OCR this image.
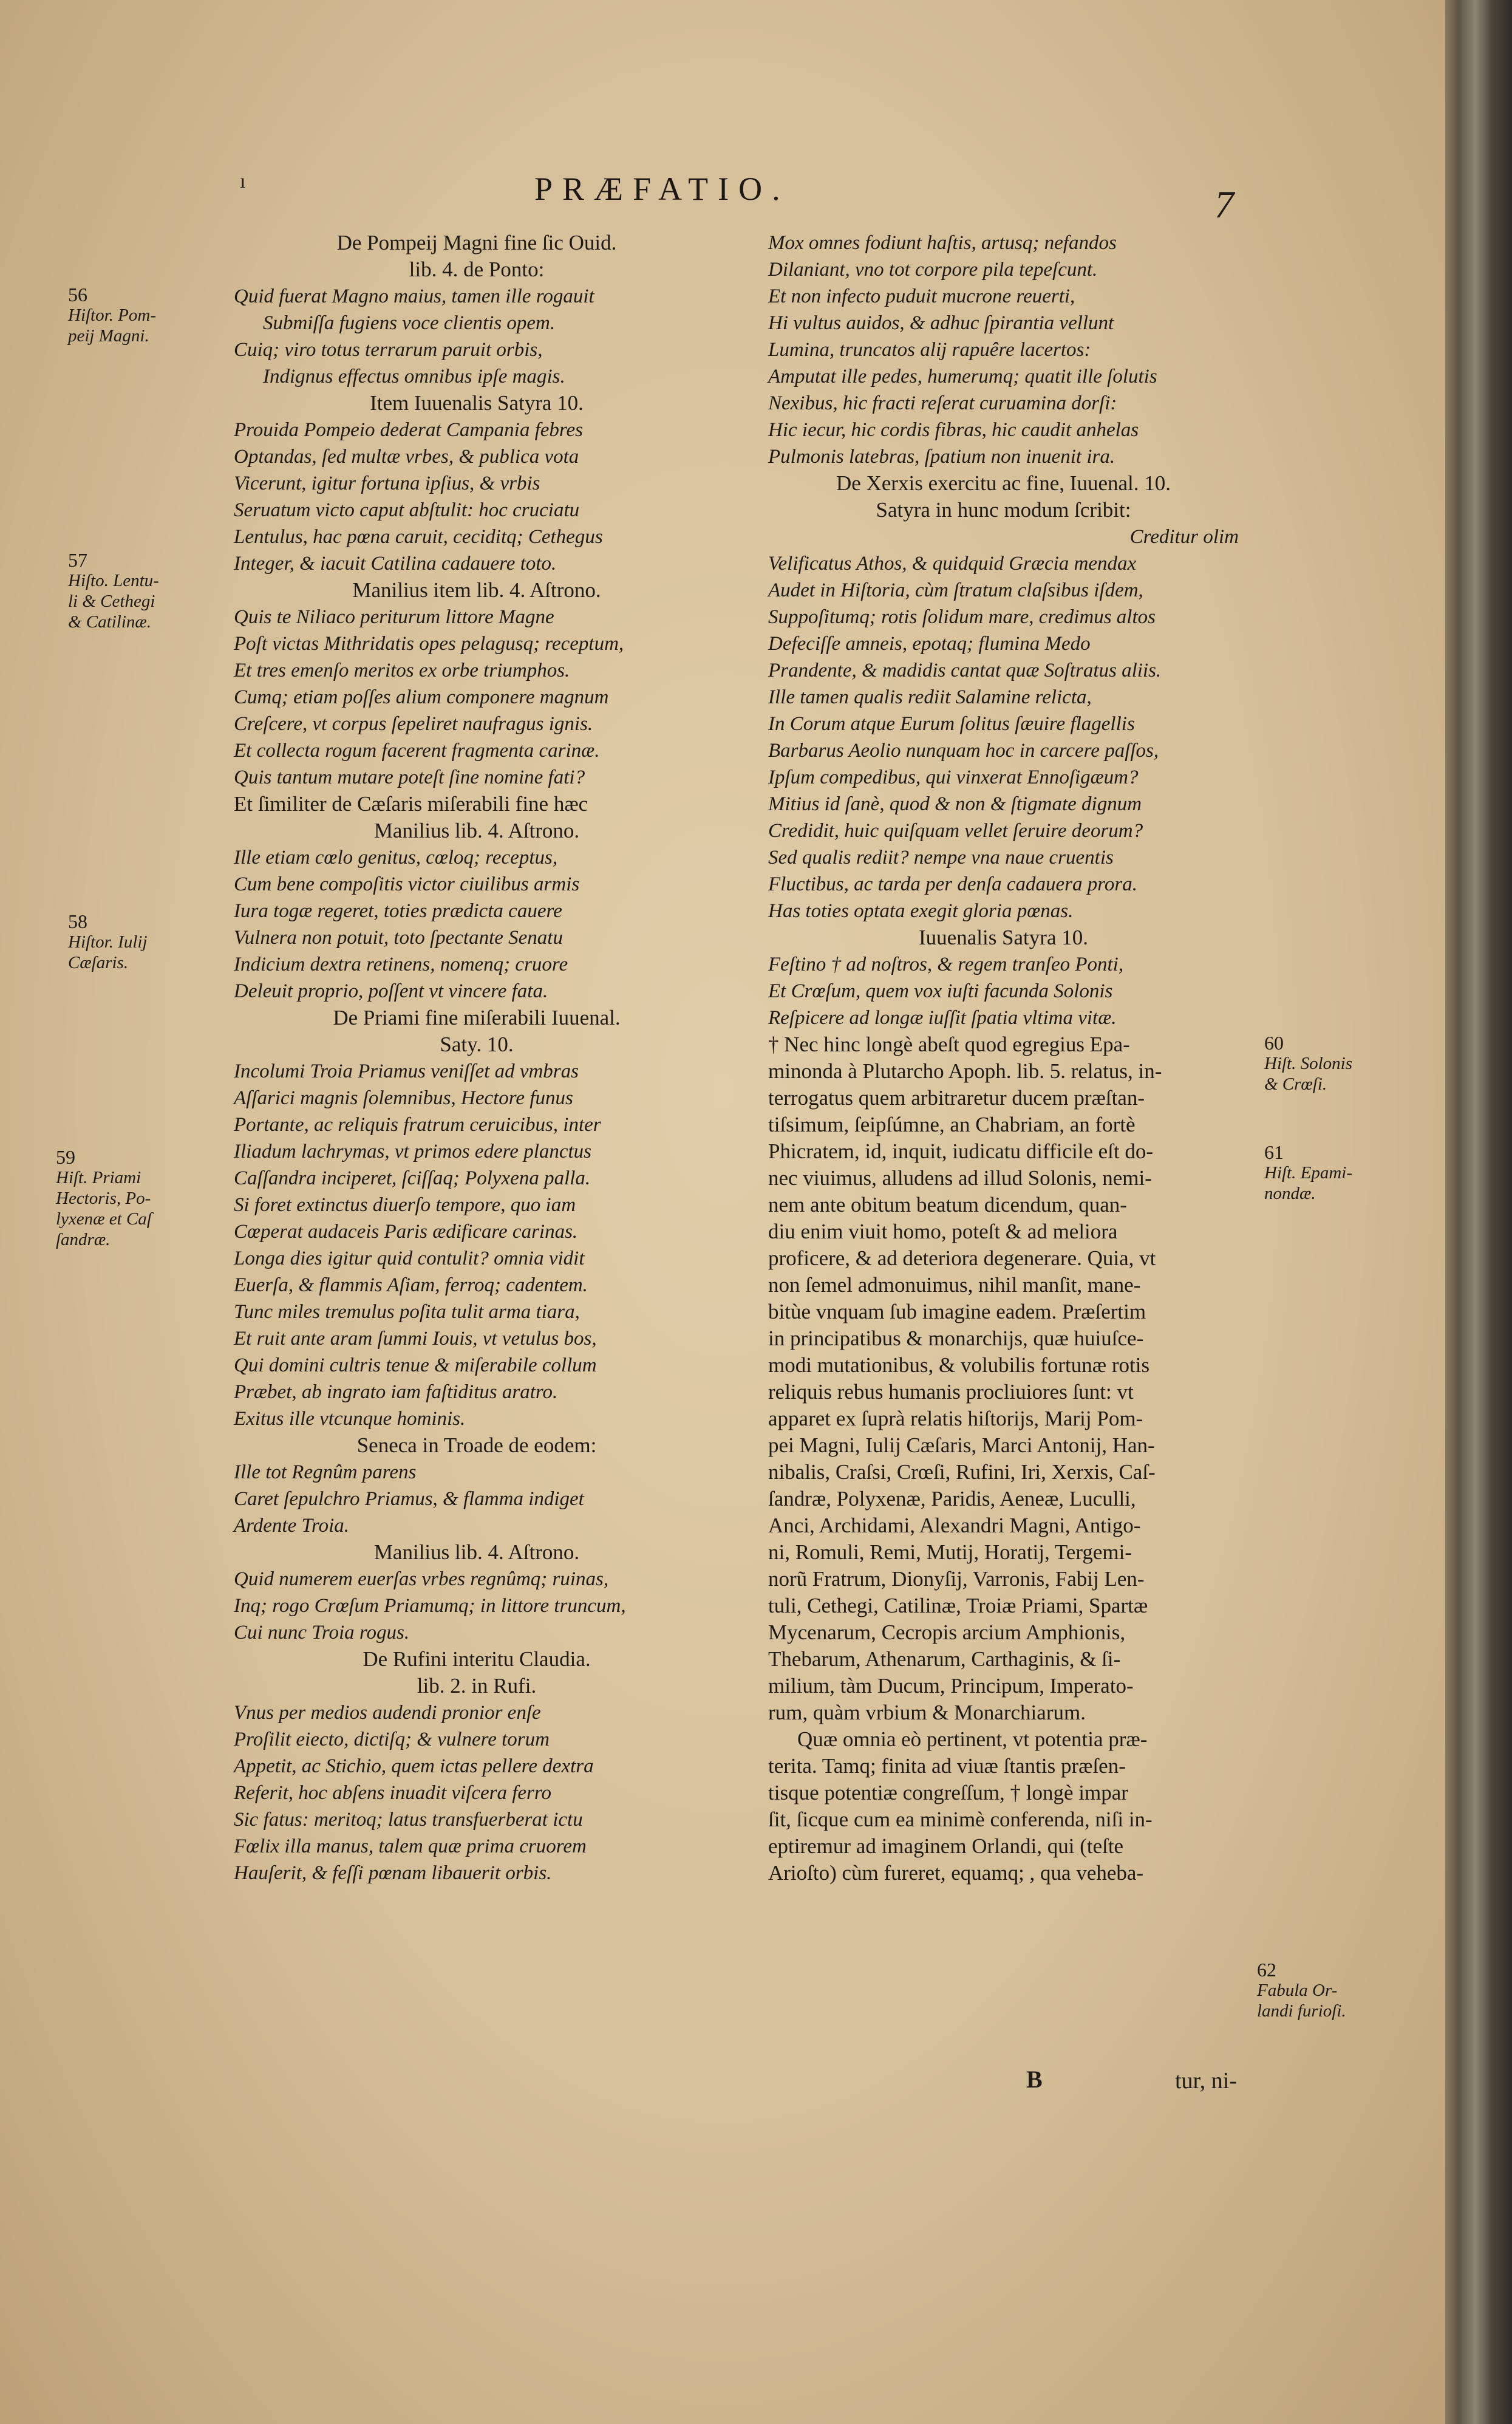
ı	PRÆFATIO.	7
De Pompeij Magni fine ſic Ouid.
lib. 4. de Ponto:
Quid fuerat Magno maius, tamen ille rogauit
Submiſſa fugiens voce clientis opem.
Cuiq; viro totus terrarum paruit orbis,
Indignus effectus omnibus ipſe magis.
Item Iuuenalis Satyra 10.
Prouida Pompeio dederat Campania febres
Optandas, ſed multæ vrbes, & publica vota
Vicerunt, igitur fortuna ipſius, & vrbis
Seruatum victo caput abſtulit: hoc cruciatu
Lentulus, hac pœna caruit, ceciditq; Cethegus
Integer, & iacuit Catilina cadauere toto.
Manilius item lib. 4. Aſtrono.
Quis te Niliaco periturum littore Magne
Poſt victas Mithridatis opes pelagusq; receptum,
Et tres emenſo meritos ex orbe triumphos.
Cumq; etiam poſſes alium componere magnum
Creſcere, vt corpus ſepeliret naufragus ignis.
Et collecta rogum facerent fragmenta carinæ.
Quis tantum mutare poteſt ſine nomine fati?
Et ſimiliter de Cæſaris miſerabili fine hæc
Manilius lib. 4. Aſtrono.
Ille etiam cœlo genitus, cœloq; receptus,
Cum bene compoſitis victor ciuilibus armis
Iura togæ regeret, toties prædicta cauere
Vulnera non potuit, toto ſpectante Senatu
Indicium dextra retinens, nomenq; cruore
Deleuit proprio, poſſent vt vincere fata.
De Priami fine miſerabili Iuuenal.
Saty. 10.
Incolumi Troia Priamus veniſſet ad vmbras
Aſſarici magnis ſolemnibus, Hectore funus
Portante, ac reliquis fratrum ceruicibus, inter
Iliadum lachrymas, vt primos edere planctus
Caſſandra inciperet, ſciſſaq; Polyxena palla.
Si foret extinctus diuerſo tempore, quo iam
Cœperat audaceis Paris ædificare carinas.
Longa dies igitur quid contulit? omnia vidit
Euerſa, & flammis Aſiam, ferroq; cadentem.
Tunc miles tremulus poſita tulit arma tiara,
Et ruit ante aram ſummi Iouis, vt vetulus bos,
Qui domini cultris tenue & miſerabile collum
Præbet, ab ingrato iam faſtiditus aratro.
Exitus ille vtcunque hominis.
Seneca in Troade de eodem:
Ille tot Regnûm parens
Caret ſepulchro Priamus, & flamma indiget
Ardente Troia.
Manilius lib. 4. Aſtrono.
Quid numerem euerſas vrbes regnûmq; ruinas,
Inq; rogo Crœſum Priamumq; in littore truncum,
Cui nunc Troia rogus.
De Rufini interitu Claudia.
lib. 2. in Rufi.
Vnus per medios audendi pronior enſe
Proſilit eiecto, dictiſq; & vulnere torum
Appetit, ac Stichio, quem ictas pellere dextra
Referit, hoc abſens inuadit viſcera ferro
Sic fatus: meritoq; latus transfuerberat ictu
Fœlix illa manus, talem quæ prima cruorem
Hauſerit, & feſſi pœnam libauerit orbis.
Mox omnes fodiunt haſtis, artusq; nefandos
Dilaniant, vno tot corpore pila tepeſcunt.
Et non infecto puduit mucrone reuerti,
Hi vultus auidos, & adhuc ſpirantia vellunt
Lumina, truncatos alij rapuêre lacertos:
Amputat ille pedes, humerumq; quatit ille ſolutis
Nexibus, hic fracti reſerat curuamina dorſi:
Hic iecur, hic cordis fibras, hic caudit anhelas
Pulmonis latebras, ſpatium non inuenit ira.
De Xerxis exercitu ac fine, Iuuenal. 10.
Satyra in hunc modum ſcribit:
Creditur olim
Velificatus Athos, & quidquid Græcia mendax
Audet in Hiſtoria, cùm ſtratum claſsibus iſdem,
Suppoſitumq; rotis ſolidum mare, credimus altos
Defeciſſe amneis, epotaq; flumina Medo
Prandente, & madidis cantat quæ Soſtratus aliis.
Ille tamen qualis rediit Salamine relicta,
In Corum atque Eurum ſolitus ſæuire flagellis
Barbarus Aeolio nunquam hoc in carcere paſſos,
Ipſum compedibus, qui vinxerat Ennoſigæum?
Mitius id ſanè, quod & non & ſtigmate dignum
Credidit, huic quiſquam vellet ſeruire deorum?
Sed qualis rediit? nempe vna naue cruentis
Fluctibus, ac tarda per denſa cadauera prora.
Has toties optata exegit gloria pœnas.
Iuuenalis Satyra 10.
Feſtino † ad noſtros, & regem tranſeo Ponti,
Et Crœſum, quem vox iuſti facunda Solonis
Reſpicere ad longæ iuſſit ſpatia vltima vitæ.
† Nec hinc longè abeſt quod egregius Epa-
minonda à Plutarcho Apoph. lib. 5. relatus, in-
terrogatus quem arbitraretur ducem præſtan-
tiſsimum, ſeipſúmne, an Chabriam, an fortè
Phicratem, id, inquit, iudicatu difficile eſt do-
nec viuimus, alludens ad illud Solonis, nemi-
nem ante obitum beatum dicendum, quan-
diu enim viuit homo, poteſt & ad meliora
proficere, & ad deteriora degenerare. Quia, vt
non ſemel admonuimus, nihil manſit, mane-
bitùe vnquam ſub imagine eadem. Præſertim
in principatibus & monarchijs, quæ huiuſce-
modi mutationibus, & volubilis fortunæ rotis
reliquis rebus humanis procliuiores ſunt: vt
apparet ex ſuprà relatis hiſtorijs, Marij Pom-
pei Magni, Iulij Cæſaris, Marci Antonij, Han-
nibalis, Craſsi, Crœſi, Rufini, Iri, Xerxis, Caſ-
ſandræ, Polyxenæ, Paridis, Aeneæ, Luculli,
Anci, Archidami, Alexandri Magni, Antigo-
ni, Romuli, Remi, Mutij, Horatij, Tergemi-
norũ Fratrum, Dionyſij, Varronis, Fabij Len-
tuli, Cethegi, Catilinæ, Troiæ Priami, Spartæ
Mycenarum, Cecropis arcium Amphionis,
Thebarum, Athenarum, Carthaginis, & ſi-
milium, tàm Ducum, Principum, Imperato-
rum, quàm vrbium & Monarchiarum.
Quæ omnia eò pertinent, vt potentia præ-
terita. Tamq; finita ad viuæ ſtantis præſen-
tisque potentiæ congreſſum, † longè impar
ſit, ſicque cum ea minimè conferenda, niſi in-
eptiremur ad imaginem Orlandi, qui (teſte
Arioſto) cùm fureret, equamq; , qua veheba-
56
Hiſtor. Pom-
peij Magni.
57
Hiſto. Lentu-
li & Cethegi
& Catilinæ.
58
Hiſtor. Iulij
Cæſaris.
59
Hiſt. Priami
Hectoris, Po-
lyxenæ et Caſ
ſandræ.
60
Hiſt. Solonis
& Crœſi.
61
Hiſt. Epami-
nondæ.
62
Fabula Or-
landi furioſi.
B	tur, ni-
